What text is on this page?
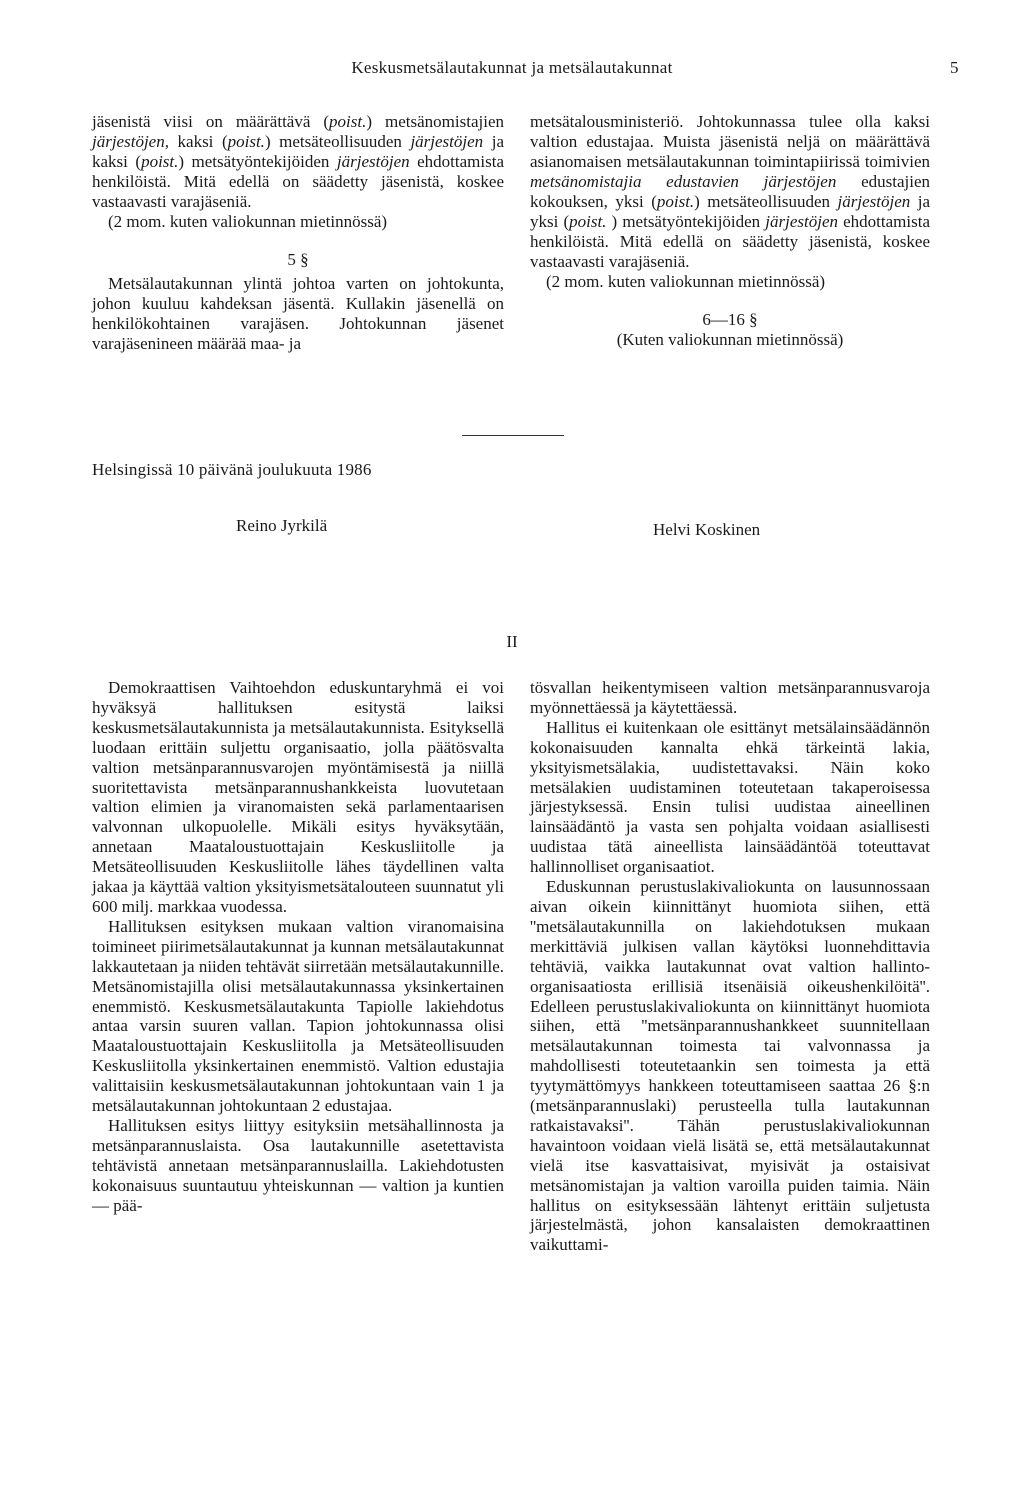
Keskusmetsälautakunnat ja metsälautakunnat	5

jäsenistä viisi on määrättävä (poist.) metsänomistajien järjestöjen, kaksi (poist.) metsäteollisuuden järjestöjen ja kaksi (poist.) metsätyöntekijöiden järjestöjen ehdottamista henkilöistä. Mitä edellä on säädetty jäsenistä, koskee vastaavasti varajäseniä.

(2 mom. kuten valiokunnan mietinnössä)

5 §

Metsälautakunnan ylintä johtoa varten on johtokunta, johon kuuluu kahdeksan jäsentä. Kullakin jäsenellä on henkilökohtainen varajäsen. Johtokunnan jäsenet varajäsenineen määrää maa- ja

metsätalousministeriö. Johtokunnassa tulee olla kaksi valtion edustajaa. Muista jäsenistä neljä on määrättävä asianomaisen metsälautakunnan toimintapiirissä toimivien metsänomistajia edustavien järjestöjen edustajien kokouksen, yksi (poist.) metsäteollisuuden järjestöjen ja yksi (poist. ) metsätyöntekijöiden järjestöjen ehdottamista henkilöistä. Mitä edellä on säädetty jäsenistä, koskee vastaavasti varajäseniä.

(2 mom. kuten valiokunnan mietinnössä)

6—16 §

(Kuten valiokunnan mietinnössä)

Helsingissä 10 päivänä joulukuuta 1986
Reino Jyrkilä	Helvi Koskinen
II

Demokraattisen Vaihtoehdon eduskuntaryhmä ei voi hyväksyä hallituksen esitystä laiksi keskusmetsälautakunnista ja metsälautakunnista. Esityksellä luodaan erittäin suljettu organisaatio, jolla päätösvalta valtion metsänparannusvarojen myöntämisestä ja niillä suoritettavista metsänparannushankkeista luovutetaan valtion elimien ja viranomaisten sekä parlamentaarisen valvonnan ulkopuolelle. Mikäli esitys hyväksytään, annetaan Maataloustuottajain Keskusliitolle ja Metsäteollisuuden Keskusliitolle lähes täydellinen valta jakaa ja käyttää valtion yksityismetsätalouteen suunnatut yli 600 milj. markkaa vuodessa.

Hallituksen esityksen mukaan valtion viranomaisina toimineet piirimetsälautakunnat ja kunnan metsälautakunnat lakkautetaan ja niiden tehtävät siirretään metsälautakunnille. Metsänomistajilla olisi metsälautakunnassa yksinkertainen enemmistö. Keskusmetsälautakunta Tapiolle lakiehdotus antaa varsin suuren vallan. Tapion johtokunnassa olisi Maataloustuottajain Keskusliitolla ja Metsäteollisuuden Keskusliitolla yksinkertainen enemmistö. Valtion edustajia valittaisiin keskusmetsälautakunnan johtokuntaan vain 1 ja metsälautakunnan johtokuntaan 2 edustajaa.

Hallituksen esitys liittyy esityksiin metsähallinnosta ja metsänparannuslaista. Osa lautakunnille asetettavista tehtävistä annetaan metsänparannuslailla. Lakiehdotusten kokonaisuus suuntautuu yhteiskunnan — valtion ja kuntien — pää-

tösvallan heikentymiseen valtion metsänparannusvaroja myönnettäessä ja käytettäessä.

Hallitus ei kuitenkaan ole esittänyt metsälainsäädännön kokonaisuuden kannalta ehkä tärkeintä lakia, yksityismetsälakia, uudistettavaksi. Näin koko metsälakien uudistaminen toteutetaan takaperoisessa järjestyksessä. Ensin tulisi uudistaa aineellinen lainsäädäntö ja vasta sen pohjalta voidaan asiallisesti uudistaa tätä aineellista lainsäädäntöä toteuttavat hallinnolliset organisaatiot.

Eduskunnan perustuslakivaliokunta on lausunnossaan aivan oikein kiinnittänyt huomiota siihen, että ''metsälautakunnilla on lakiehdotuksen mukaan merkittäviä julkisen vallan käytöksi luonnehdittavia tehtäviä, vaikka lautakunnat ovat valtion hallinto-organisaatiosta erillisiä itsenäisiä oikeushenkilöitä''. Edelleen perustuslakivaliokunta on kiinnittänyt huomiota siihen, että ''metsänparannushankkeet suunnitellaan metsälautakunnan toimesta tai valvonnassa ja mahdollisesti toteutetaankin sen toimesta ja että tyytymättömyys hankkeen toteuttamiseen saattaa 26 §:n (metsänparannuslaki) perusteella tulla lautakunnan ratkaistavaksi''. Tähän perustuslakivaliokunnan havaintoon voidaan vielä lisätä se, että metsälautakunnat vielä itse kasvattaisivat, myisivät ja ostaisivat metsänomistajan ja valtion varoilla puiden taimia. Näin hallitus on esityksessään lähtenyt erittäin suljetusta järjestelmästä, johon kansalaisten demokraattinen vaikuttami-
